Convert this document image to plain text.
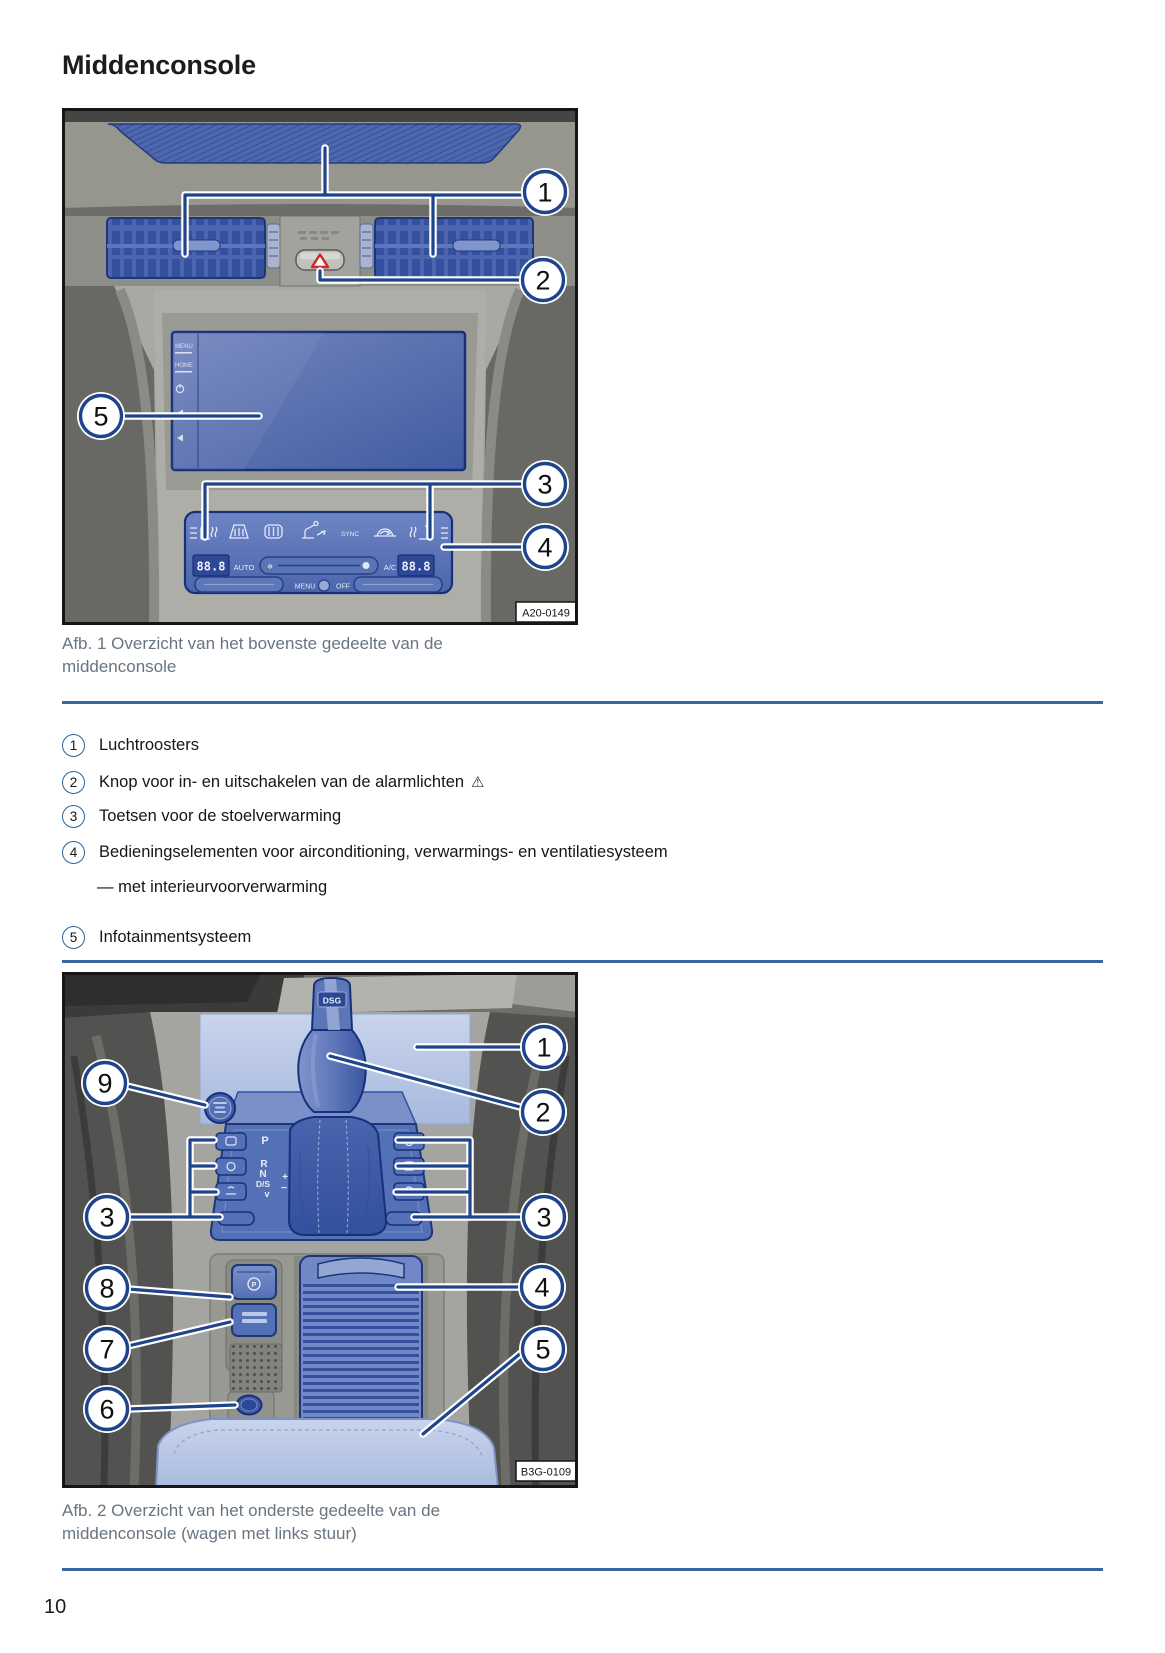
Middenconsole
MENU
HOME
SYNC
88.8 AUTO ❄	A/C 88.8
MENU	OFF
1
2
5
3
4
A20-0149
Afb. 1 Overzicht van het bovenste gedeelte van de
middenconsole
1	Luchtroosters
2	Knop voor in- en uitschakelen van de alarmlichten ⚠
3	Toetsen voor de stoelverwarming
4	Bedieningselementen voor airconditioning, verwarmings- en ventilatiesysteem
— met interieurvoorverwarming
5	Infotainmentsysteem
P
R
N
D/S
v
+
−
DSG
P
1
2
9
3	3
8	4
7	5
6
B3G-0109
Afb. 2 Overzicht van het onderste gedeelte van de
middenconsole (wagen met links stuur)
10
